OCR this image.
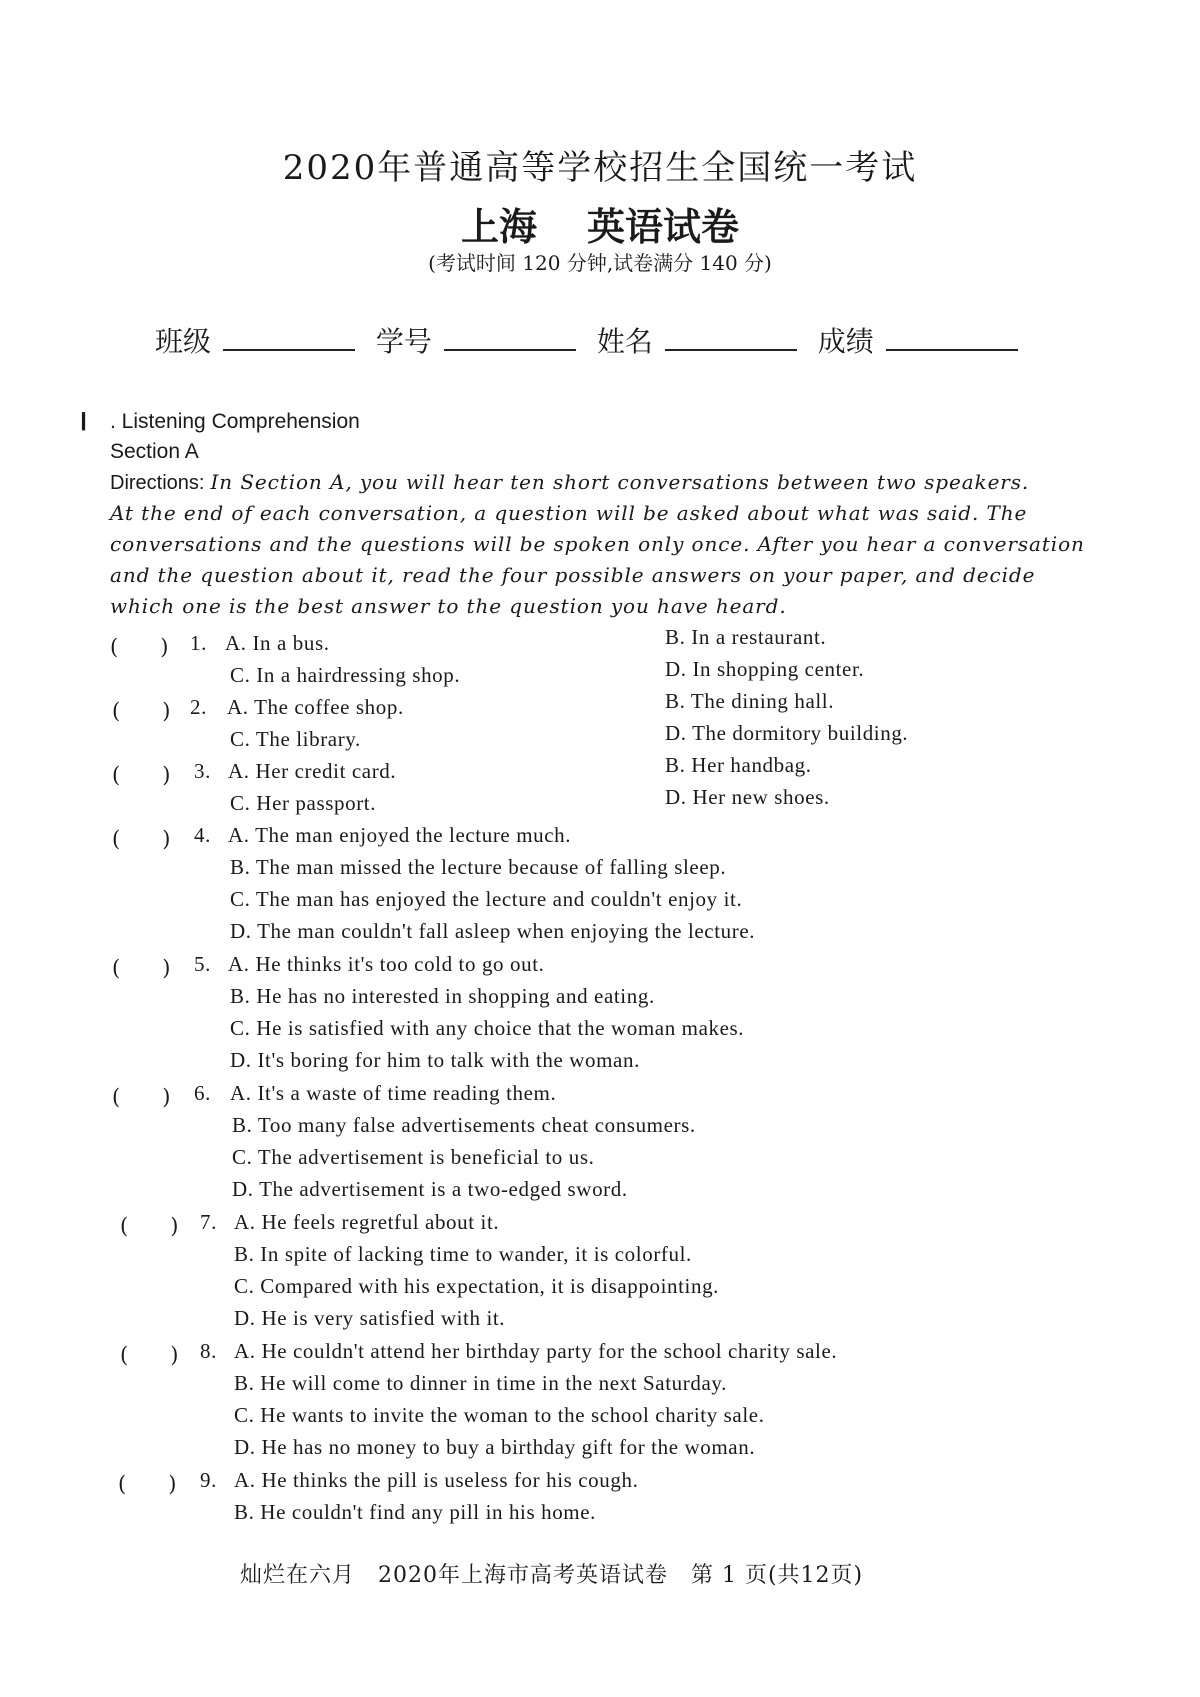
2020年普通高等学校招生全国统一考试
上海 英语试卷
(考试时间 120 分钟,试卷满分 140 分)
班级	学号	姓名	成绩
Ⅰ . Listening Comprehension
Section A
Directions: In Section A, you will hear ten short conversations between two speakers.
At the end of each conversation, a question will be asked about what was said. The
conversations and the questions will be spoken only once. After you hear a conversation
and the question about it, read the four possible answers on your paper, and decide
which one is the best answer to the question you have heard.
(　　) 1. A. In a bus.	B. In a restaurant.
C. In a hairdressing shop.	D. In shopping center.
(　　) 2. A. The coffee shop.	B. The dining hall.
C. The library.	D. The dormitory building.
(　　) 3. A. Her credit card.	B. Her handbag.
C. Her passport.	D. Her new shoes.
(　　) 4. A. The man enjoyed the lecture much.
B. The man missed the lecture because of falling sleep.
C. The man has enjoyed the lecture and couldn't enjoy it.
D. The man couldn't fall asleep when enjoying the lecture.
(　　) 5. A. He thinks it's too cold to go out.
B. He has no interested in shopping and eating.
C. He is satisfied with any choice that the woman makes.
D. It's boring for him to talk with the woman.
(　　) 6. A. It's a waste of time reading them.
B. Too many false advertisements cheat consumers.
C. The advertisement is beneficial to us.
D. The advertisement is a two-edged sword.
(　　) 7. A. He feels regretful about it.
B. In spite of lacking time to wander, it is colorful.
C. Compared with his expectation, it is disappointing.
D. He is very satisfied with it.
(　　) 8. A. He couldn't attend her birthday party for the school charity sale.
B. He will come to dinner in time in the next Saturday.
C. He wants to invite the woman to the school charity sale.
D. He has no money to buy a birthday gift for the woman.
(　　) 9. A. He thinks the pill is useless for his cough.
B. He couldn't find any pill in his home.
灿烂在六月　2020年上海市高考英语试卷　第 1 页(共12页)
